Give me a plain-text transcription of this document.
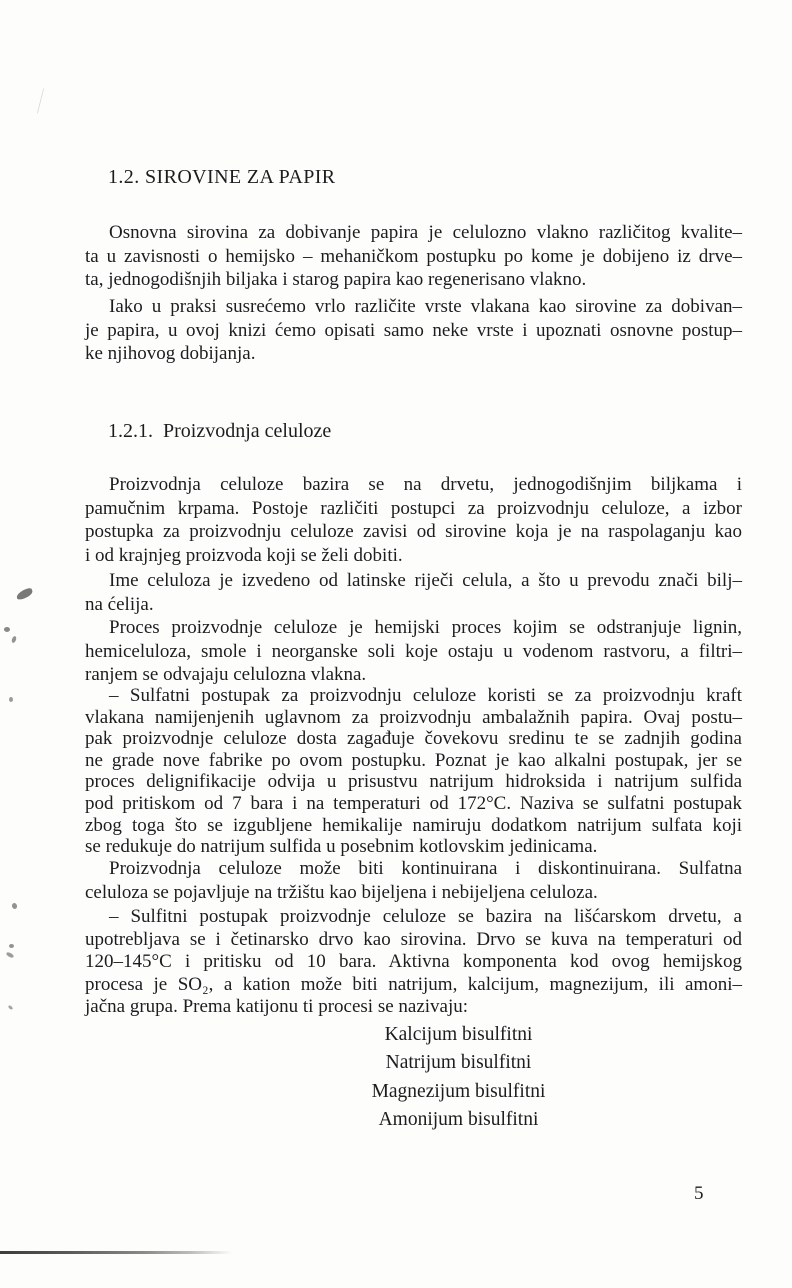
1.2. SIROVINE ZA PAPIR
Osnovna sirovina za dobivanje papira je celulozno vlakno različitog kvalite–
ta u zavisnosti o hemijsko – mehaničkom postupku po kome je dobijeno iz drve–
ta, jednogodišnjih biljaka i starog papira kao regenerisano vlakno.
Iako u praksi susrećemo vrlo različite vrste vlakana kao sirovine za dobivan–
je papira, u ovoj knizi ćemo opisati samo neke vrste i upoznati osnovne postup–
ke njihovog dobijanja.
1.2.1.  Proizvodnja celuloze
Proizvodnja celuloze bazira se na drvetu, jednogodišnjim biljkama i
pamučnim krpama. Postoje različiti postupci za proizvodnju celuloze, a izbor
postupka za proizvodnju celuloze zavisi od sirovine koja je na raspolaganju kao
i od krajnjeg proizvoda koji se želi dobiti.
Ime celuloza je izvedeno od latinske riječi celula, a što u prevodu znači bilj–
na ćelija.
Proces proizvodnje celuloze je hemijski proces kojim se odstranjuje lignin,
hemiceluloza, smole i neorganske soli koje ostaju u vodenom rastvoru, a filtri–
ranjem se odvajaju celulozna vlakna.
– Sulfatni postupak za proizvodnju celuloze koristi se za proizvodnju kraft
vlakana namijenjenih uglavnom za proizvodnju ambalažnih papira. Ovaj postu–
pak proizvodnje celuloze dosta zagađuje čovekovu sredinu te se zadnjih godina
ne grade nove fabrike po ovom postupku. Poznat je kao alkalni postupak, jer se
proces delignifikacije odvija u prisustvu natrijum hidroksida i natrijum sulfida
pod pritiskom od 7 bara i na temperaturi od 172°C. Naziva se sulfatni postupak
zbog toga što se izgubljene hemikalije namiruju dodatkom natrijum sulfata koji
se redukuje do natrijum sulfida u posebnim kotlovskim jedinicama.
Proizvodnja celuloze može biti kontinuirana i diskontinuirana. Sulfatna
celuloza se pojavljuje na tržištu kao bijeljena i nebijeljena celuloza.
– Sulfitni postupak proizvodnje celuloze se bazira na lišćarskom drvetu, a
upotrebljava se i četinarsko drvo kao sirovina. Drvo se kuva na temperaturi od
120–145°C i pritisku od 10 bara. Aktivna komponenta kod ovog hemijskog
procesa je SO₂, a kation može biti natrijum, kalcijum, magnezijum, ili amoni–
jačna grupa. Prema katijonu ti procesi se nazivaju:
Kalcijum bisulfitni
Natrijum bisulfitni
Magnezijum bisulfitni
Amonijum bisulfitni
5
